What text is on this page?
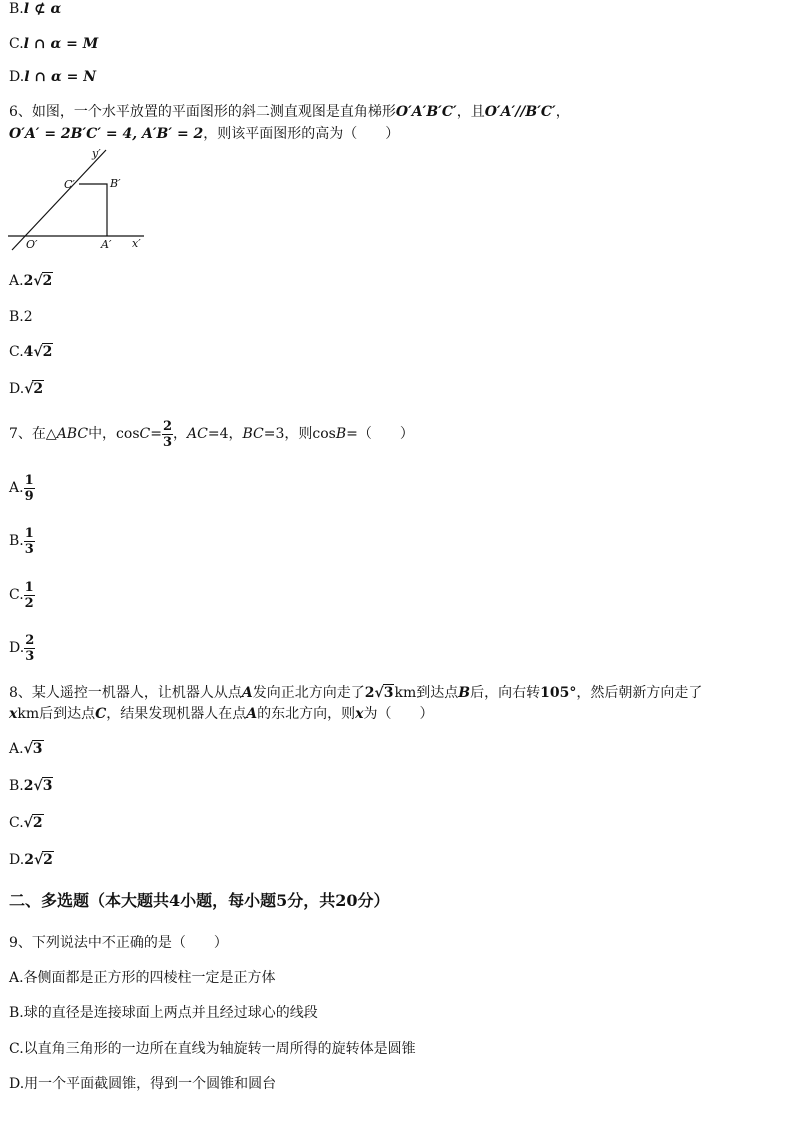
B.l ⊄ α
C.l ∩ α = M
D.l ∩ α = N
6、如图，一个水平放置的平面图形的斜二测直观图是直角梯形O′A′B′C′，且O′A′//B′C′，
O′A′ = 2B′C′ = 4, A′B′ = 2，则该平面图形的高为（　　）
y′
C′	B′
O′	A′ x′
A.2√2
B.2
C.4√2
D.√2
7、在△ABC中，$\cos C= \frac{2}{3}$ ，AC=4，BC=3，则cosB=（　　）
A. $\frac{1}{9}$
B. $\frac{1}{3}$
C. $\frac{1}{2}$
D. $\frac{2}{3}$
8、某人遥控一机器人，让机器人从点A发向正北方向走了2√3km到达点B后，向右转105°，然后朝新方向走了
xkm后到达点C，结果发现机器人在点A的东北方向，则x为（　　）
A.√3
B.2√3
C.√2
D.2√2
二、多选题（本大题共4小题，每小题5分，共20分）
9、下列说法中不正确的是（　　）
A.各侧面都是正方形的四棱柱一定是正方体
B.球的直径是连接球面上两点并且经过球心的线段
C.以直角三角形的一边所在直线为轴旋转一周所得的旋转体是圆锥
D.用一个平面截圆锥，得到一个圆锥和圆台
